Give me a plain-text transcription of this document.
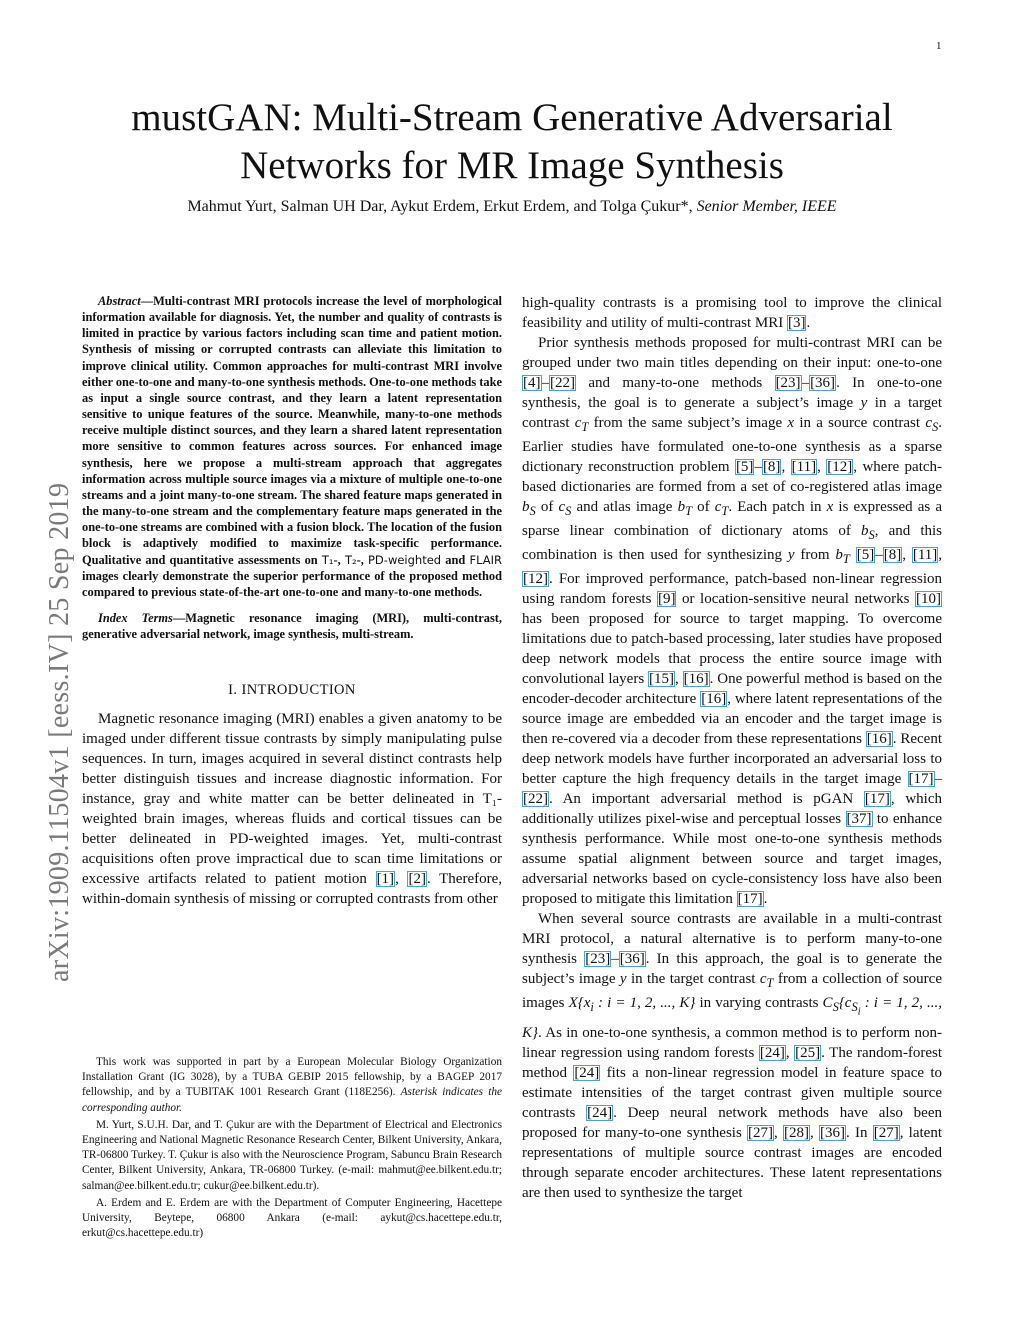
1
arXiv:1909.11504v1 [eess.IV] 25 Sep 2019
mustGAN: Multi-Stream Generative Adversarial
Networks for MR Image Synthesis
Mahmut Yurt, Salman UH Dar, Aykut Erdem, Erkut Erdem, and Tolga Çukur*, Senior Member, IEEE

Abstract—Multi-contrast MRI protocols increase the level of morphological information available for diagnosis. Yet, the number and quality of contrasts is limited in practice by various factors including scan time and patient motion. Synthesis of missing or corrupted contrasts can alleviate this limitation to improve clinical utility. Common approaches for multi-contrast MRI involve either one-to-one and many-to-one synthesis methods. One-to-one methods take as input a single source contrast, and they learn a latent representation sensitive to unique features of the source. Meanwhile, many-to-one methods receive multiple distinct sources, and they learn a shared latent representation more sensitive to common features across sources. For enhanced image synthesis, here we propose a multi-stream approach that aggregates information across multiple source images via a mixture of multiple one-to-one streams and a joint many-to-one stream. The shared feature maps generated in the many-to-one stream and the complementary feature maps generated in the one-to-one streams are combined with a fusion block. The location of the fusion block is adaptively modified to maximize task-specific performance. Qualitative and quantitative assessments on T₁-, T₂-, PD-weighted and FLAIR images clearly demonstrate the superior performance of the proposed method compared to previous state-of-the-art one-to-one and many-to-one methods.

Index Terms—Magnetic resonance imaging (MRI), multi-contrast, generative adversarial network, image synthesis, multi-stream.

I. INTRODUCTION

Magnetic resonance imaging (MRI) enables a given anatomy to be imaged under different tissue contrasts by simply manipulating pulse sequences. In turn, images acquired in several distinct contrasts help better distinguish tissues and increase diagnostic information. For instance, gray and white matter can be better delineated in T₁-weighted brain images, whereas fluids and cortical tissues can be better delineated in PD-weighted images. Yet, multi-contrast acquisitions often prove impractical due to scan time limitations or excessive artifacts related to patient motion [1], [2]. Therefore, within-domain synthesis of missing or corrupted contrasts from other

This work was supported in part by a European Molecular Biology Organization Installation Grant (IG 3028), by a TUBA GEBIP 2015 fellowship, by a BAGEP 2017 fellowship, and by a TUBITAK 1001 Research Grant (118E256). Asterisk indicates the corresponding author.

M. Yurt, S.U.H. Dar, and T. Çukur are with the Department of Electrical and Electronics Engineering and National Magnetic Resonance Research Center, Bilkent University, Ankara, TR-06800 Turkey. T. Çukur is also with the Neuroscience Program, Sabuncu Brain Research Center, Bilkent University, Ankara, TR-06800 Turkey. (e-mail: mahmut@ee.bilkent.edu.tr; salman@ee.bilkent.edu.tr; cukur@ee.bilkent.edu.tr).

A. Erdem and E. Erdem are with the Department of Computer Engineering, Hacettepe University, Beytepe, 06800 Ankara (e-mail: aykut@cs.hacettepe.edu.tr, erkut@cs.hacettepe.edu.tr)

high-quality contrasts is a promising tool to improve the clinical feasibility and utility of multi-contrast MRI [3].

Prior synthesis methods proposed for multi-contrast MRI can be grouped under two main titles depending on their input: one-to-one [4]–[22] and many-to-one methods [23]–[36]. In one-to-one synthesis, the goal is to generate a subject’s image y in a target contrast $c_T$ from the same subject’s image x in a source contrast $c_S$. Earlier studies have formulated one-to-one synthesis as a sparse dictionary reconstruction problem [5]–[8], [11], [12], where patch-based dictionaries are formed from a set of co-registered atlas image $b_S$ of $c_S$ and atlas image $b_T$ of $c_T$. Each patch in x is expressed as a sparse linear combination of dictionary atoms of $b_S$, and this combination is then used for synthesizing y from $b_T$ [5]–[8], [11], [12]. For improved performance, patch-based non-linear regression using random forests [9] or location-sensitive neural networks [10] has been proposed for source to target mapping. To overcome limitations due to patch-based processing, later studies have proposed deep network models that process the entire source image with convolutional layers [15], [16]. One powerful method is based on the encoder-decoder architecture [16], where latent representations of the source image are embedded via an encoder and the target image is then re-covered via a decoder from these representations [16]. Recent deep network models have further incorporated an adversarial loss to better capture the high frequency details in the target image [17]–[22]. An important adversarial method is pGAN [17], which additionally utilizes pixel-wise and perceptual losses [37] to enhance synthesis performance. While most one-to-one synthesis methods assume spatial alignment between source and target images, adversarial networks based on cycle-consistency loss have also been proposed to mitigate this limitation [17].

When several source contrasts are available in a multi-contrast MRI protocol, a natural alternative is to perform many-to-one synthesis [23]–[36]. In this approach, the goal is to generate the subject’s image y in the target contrast $c_T$ from a collection of source images $X\{x_i$ : i = 1, 2, ..., K} in varying contrasts $C_S\{c_{S_i}$ : i = 1, 2, ..., K}. As in one-to-one synthesis, a common method is to perform non-linear regression using random forests [24], [25]. The random-forest method [24] fits a non-linear regression model in feature space to estimate intensities of the target contrast given multiple source contrasts [24]. Deep neural network methods have also been proposed for many-to-one synthesis [27], [28], [36]. In [27], latent representations of multiple source contrast images are encoded through separate encoder architectures. These latent representations are then used to synthesize the target
